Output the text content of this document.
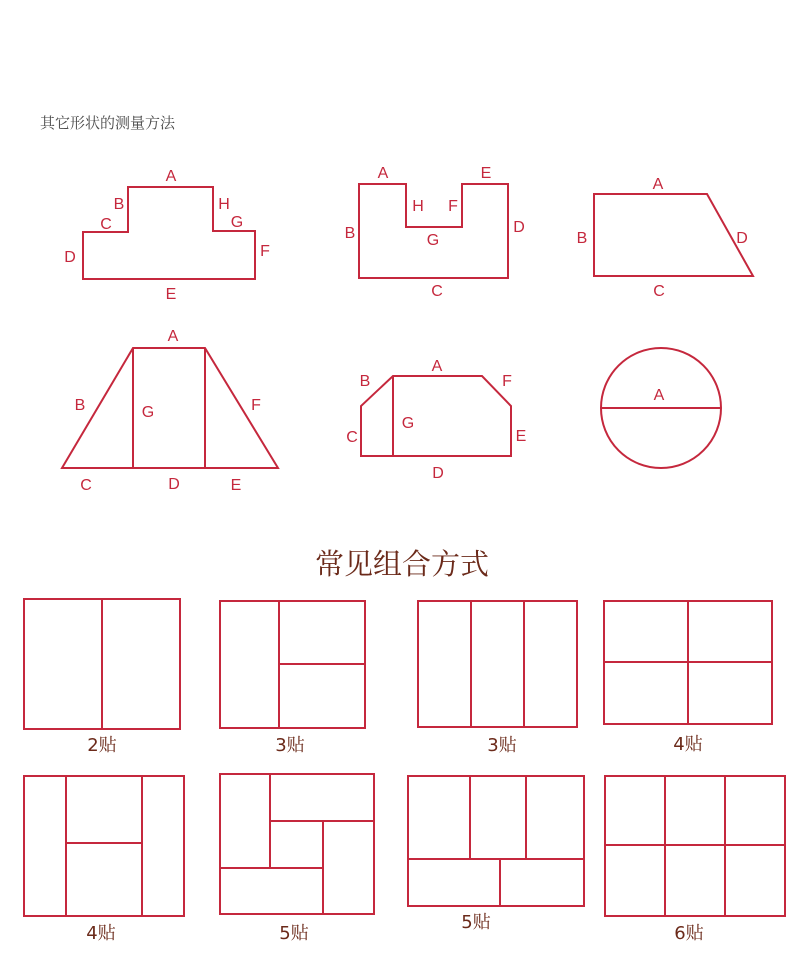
其它形状的测量方法
A
B
C
D
E
F
G
H
A
B
C
D
E
F
G
H
A
B
C
D
A
B
C	D	E
F
G
A
B
C
D
E
F
G
A
常见组合方式
2贴	3贴	3贴	4贴
4贴	5贴
5贴
6贴
